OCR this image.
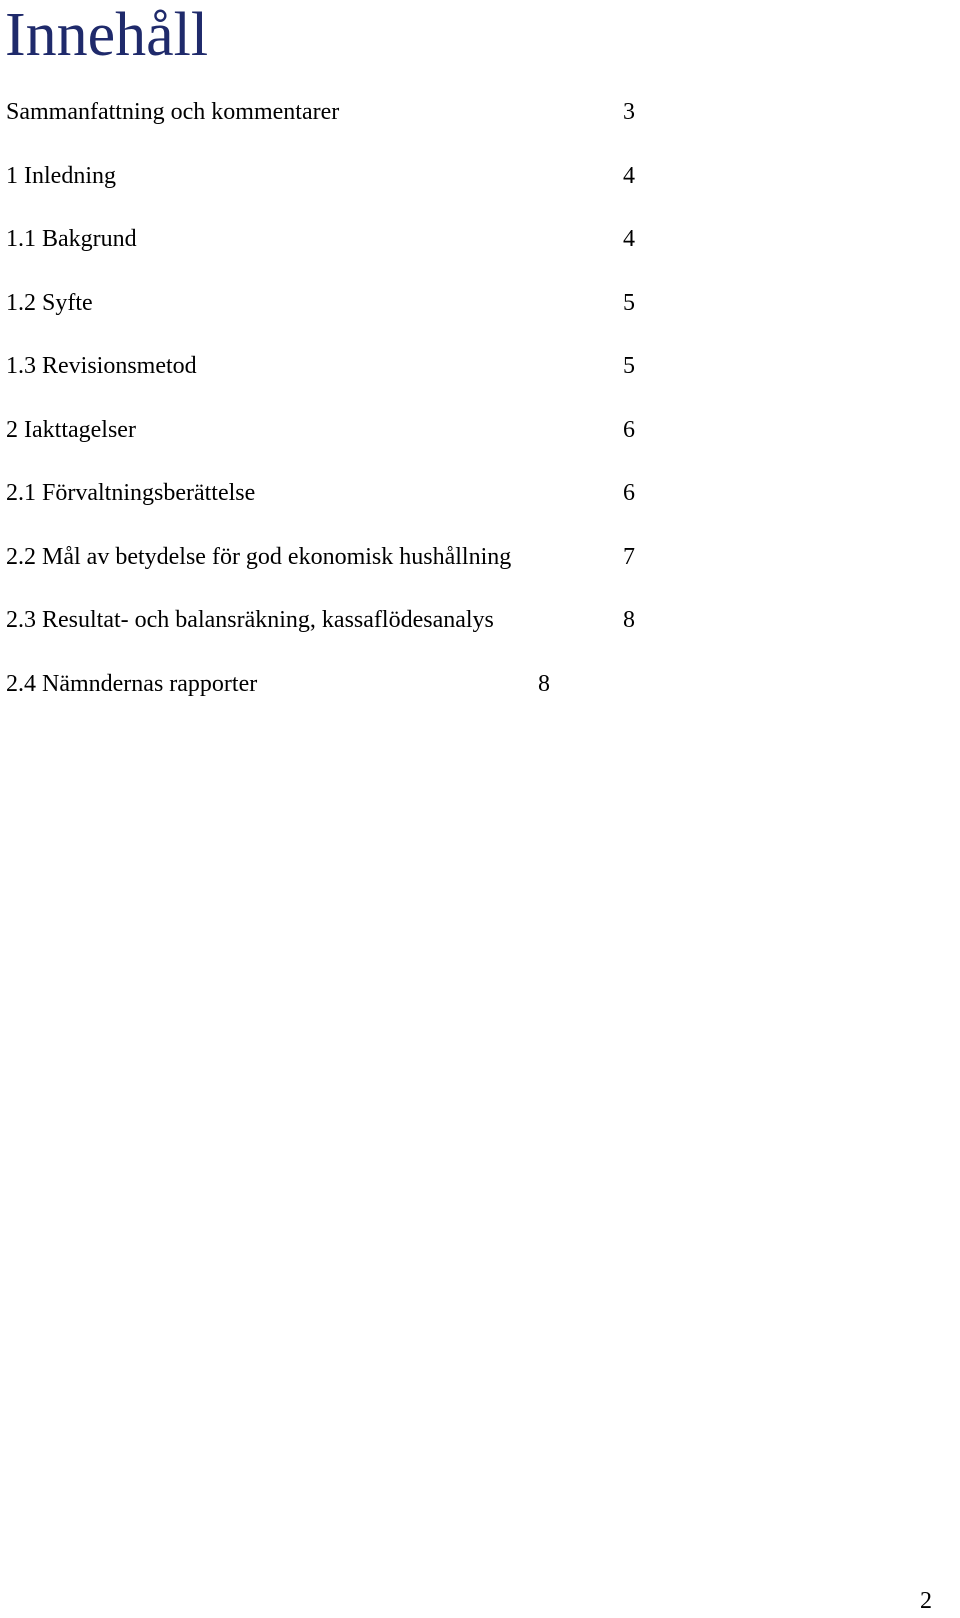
Innehåll
Sammanfattning och kommentarer	3
1 Inledning	4
1.1 Bakgrund	4
1.2 Syfte	5
1.3 Revisionsmetod	5
2 Iakttagelser	6
2.1 Förvaltningsberättelse	6
2.2 Mål av betydelse för god ekonomisk hushållning	7
2.3 Resultat- och balansräkning, kassaflödesanalys	8
2.4 Nämndernas rapporter	8
2
